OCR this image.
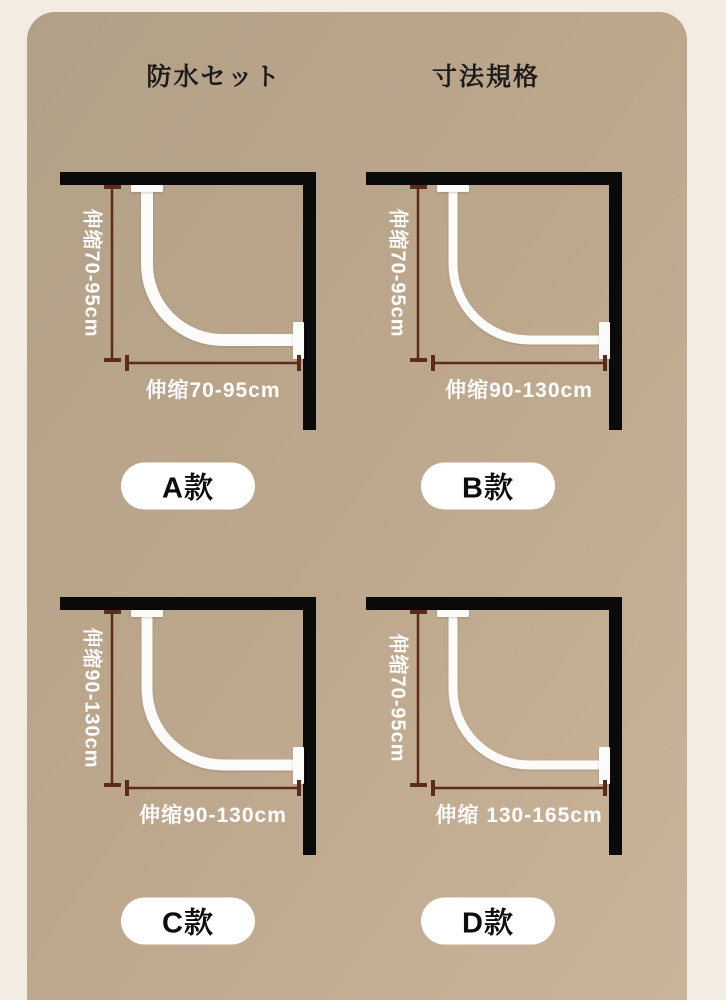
防水セット	寸法規格
伸缩70-95cm
伸缩70-95cm
伸缩70-95cm
伸缩90-130cm
伸缩90-130cm
伸缩90-130cm
伸缩70-95cm
伸缩 130-165cm
A款	B款
C款	D款
